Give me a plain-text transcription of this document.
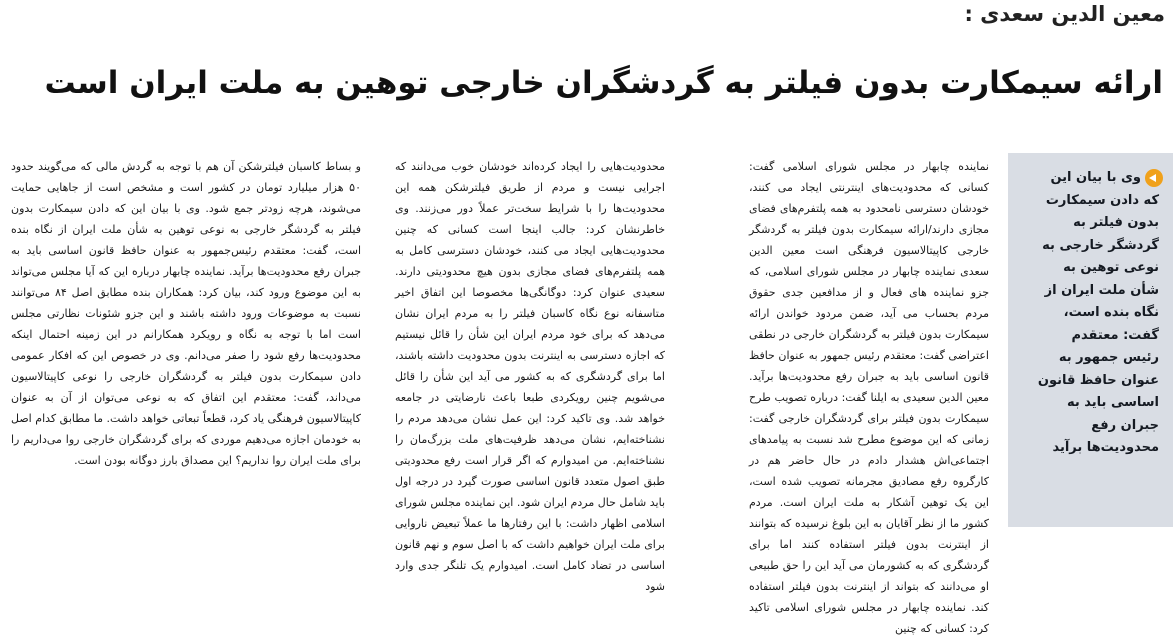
معین الدین سعدی :
ارائه سیمکارت بدون فیلتر به گردشگران خارجی توهین به ملت ایران است
وی با بیان این که دادن سیمکارت بدون فیلتر به گردشگر خارجی به نوعی توهین به شأن ملت ایران از نگاه بنده است، گفت: معتقدم رئیس جمهور به عنوان حافظ قانون اساسی باید به جبران رفع محدودیت‌ها برآید

نماینده چابهار در مجلس شورای اسلامی گفت: کسانی که محدودیت‌های اینترنتی ایجاد می کنند، خودشان دسترسی نامحدود به همه پلتفرم‌های فضای مجازی دارند/ارائه سیمکارت بدون فیلتر به گردشگر خارجی کاپیتالاسیون فرهنگی است معین الدین سعدی نماینده چابهار در مجلس شورای اسلامی، که جزو نماینده های فعال و از مدافعین جدی حقوق مردم بحساب می آید، ضمن مردود خواندن ارائه سیمکارت بدون فیلتر به گردشگران خارجی در نطقی اعتراضی گفت: معتقدم رئیس جمهور به عنوان حافظ قانون اساسی باید به جبران رفع محدودیت‌ها برآید. معین الدین سعیدی به ایلنا گفت: درباره تصویب طرح سیمکارت بدون فیلتر برای گردشگران خارجی گفت: زمانی که این موضوع مطرح شد نسبت به پیامدهای اجتماعی‌اش هشدار دادم در حال حاضر هم در کارگروه رفع مصادیق مجرمانه تصویب شده است، این یک توهین آشکار به ملت ایران است. مردم کشور ما از نظر آقایان به این بلوغ نرسیده که بتوانند از اینترنت بدون فیلتر استفاده کنند اما برای گردشگری که به کشورمان می آید این را حق طبیعی او می‌دانند که بتواند از اینترنت بدون فیلتر استفاده کند. نماینده چابهار در مجلس شورای اسلامی تاکید کرد: کسانی که چنین

محدودیت‌هایی را ایجاد کرده‌اند خودشان خوب می‌دانند که اجرایی نیست و مردم از طریق فیلترشکن همه این محدودیت‌ها را با شرایط سخت‌تر عملاً دور می‌زنند. وی خاطرنشان کرد: جالب اینجا است کسانی که چنین محدودیت‌هایی ایجاد می کنند، خودشان دسترسی کامل به همه پلتفرم‌های فضای مجازی بدون هیچ محدودیتی دارند. سعیدی عنوان کرد: دوگانگی‌ها مخصوصا این اتفاق اخیر متاسفانه نوع نگاه کاسبان فیلتر را به مردم ایران نشان می‌دهد که برای خود مردم ایران این شأن را قائل نیستیم که اجازه دسترسی به اینترنت بدون محدودیت داشته باشند، اما برای گردشگری که به کشور می آید این شأن را قائل می‌شویم چنین رویکردی طبعا باعث نارضایتی در جامعه خواهد شد. وی تاکید کرد: این عمل نشان می‌دهد مردم را نشناخته‌ایم، نشان می‌دهد ظرفیت‌های ملت بزرگ‌مان را نشناخته‌ایم. من امیدوارم که اگر قرار است رفع محدودیتی طبق اصول متعدد قانون اساسی صورت گیرد در درجه اول باید شامل حال مردم ایران شود. این نماینده مجلس شورای اسلامی اظهار داشت: با این رفتارها ما عملاً تبعیض ناروایی برای ملت ایران خواهیم داشت که با اصل سوم و نهم قانون اساسی در تضاد کامل است. امیدوارم یک تلنگر جدی وارد شود

و بساط کاسبان فیلترشکن آن هم با توجه به گردش مالی که می‌گویند حدود ۵۰ هزار میلیارد تومان در کشور است و مشخص است از جاهایی حمایت می‌شوند، هرچه زودتر جمع شود. وی با بیان این که دادن سیمکارت بدون فیلتر به گردشگر خارجی به نوعی توهین به شأن ملت ایران از نگاه بنده است، گفت: معتقدم رئیس‌جمهور به عنوان حافظ قانون اساسی باید به جبران رفع محدودیت‌ها برآید. نماینده چابهار درباره این که آیا مجلس می‌تواند به این موضوع ورود کند، بیان کرد: همکاران بنده مطابق اصل ۸۴ می‌توانند نسبت به موضوعات ورود داشته باشند و این جزو شئونات نظارتی مجلس است اما با توجه به نگاه و رویکرد همکارانم در این زمینه احتمال اینکه محدودیت‌ها رفع شود را صفر می‌دانم. وی در خصوص این که افکار عمومی دادن سیمکارت بدون فیلتر به گردشگران خارجی را نوعی کاپیتالاسیون می‌داند، گفت: معتقدم این اتفاق که به نوعی می‌توان از آن به عنوان کاپیتالاسیون فرهنگی یاد کرد، قطعاً تبعاتی خواهد داشت. ما مطابق کدام اصل به خودمان اجازه می‌دهیم موردی که برای گردشگران خارجی روا می‌داریم را برای ملت ایران روا نداریم؟ این مصداق بارز دوگانه بودن است.
